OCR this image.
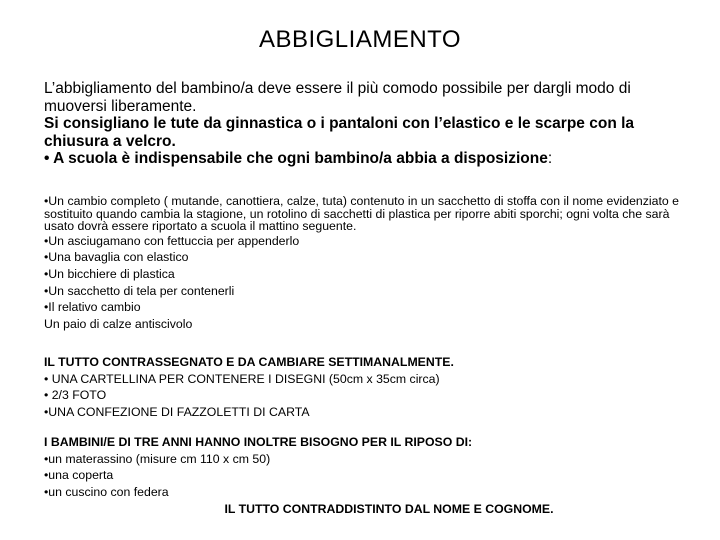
ABBIGLIAMENTO

L’abbigliamento del bambino/a deve essere il più comodo possibile per dargli modo di muoversi liberamente.

Si consigliano le tute da ginnastica o i pantaloni con l’elastico e le scarpe con la chiusura a velcro.

• A scuola è indispensabile che ogni bambino/a abbia a disposizione:

•Un cambio completo ( mutande, canottiera, calze, tuta) contenuto in un sacchetto di stoffa con il nome evidenziato e sostituito quando cambia la stagione, un rotolino di sacchetti di plastica per riporre abiti sporchi; ogni volta che sarà usato dovrà essere riportato a scuola il mattino seguente.

•Un asciugamano con fettuccia per appenderlo

•Una bavaglia con elastico

•Un bicchiere di plastica

•Un sacchetto di tela per contenerli

•Il relativo cambio

Un paio di calze antiscivolo

IL TUTTO CONTRASSEGNATO E DA CAMBIARE SETTIMANALMENTE.

• UNA CARTELLINA PER CONTENERE I DISEGNI (50cm x 35cm circa)

• 2/3 FOTO

•UNA CONFEZIONE DI FAZZOLETTI DI CARTA

I BAMBINI/E DI TRE ANNI HANNO INOLTRE BISOGNO PER IL RIPOSO DI:

•un materassino (misure cm 110 x cm 50)

•una coperta

•un cuscino con federa

IL TUTTO CONTRADDISTINTO DAL NOME E COGNOME.
